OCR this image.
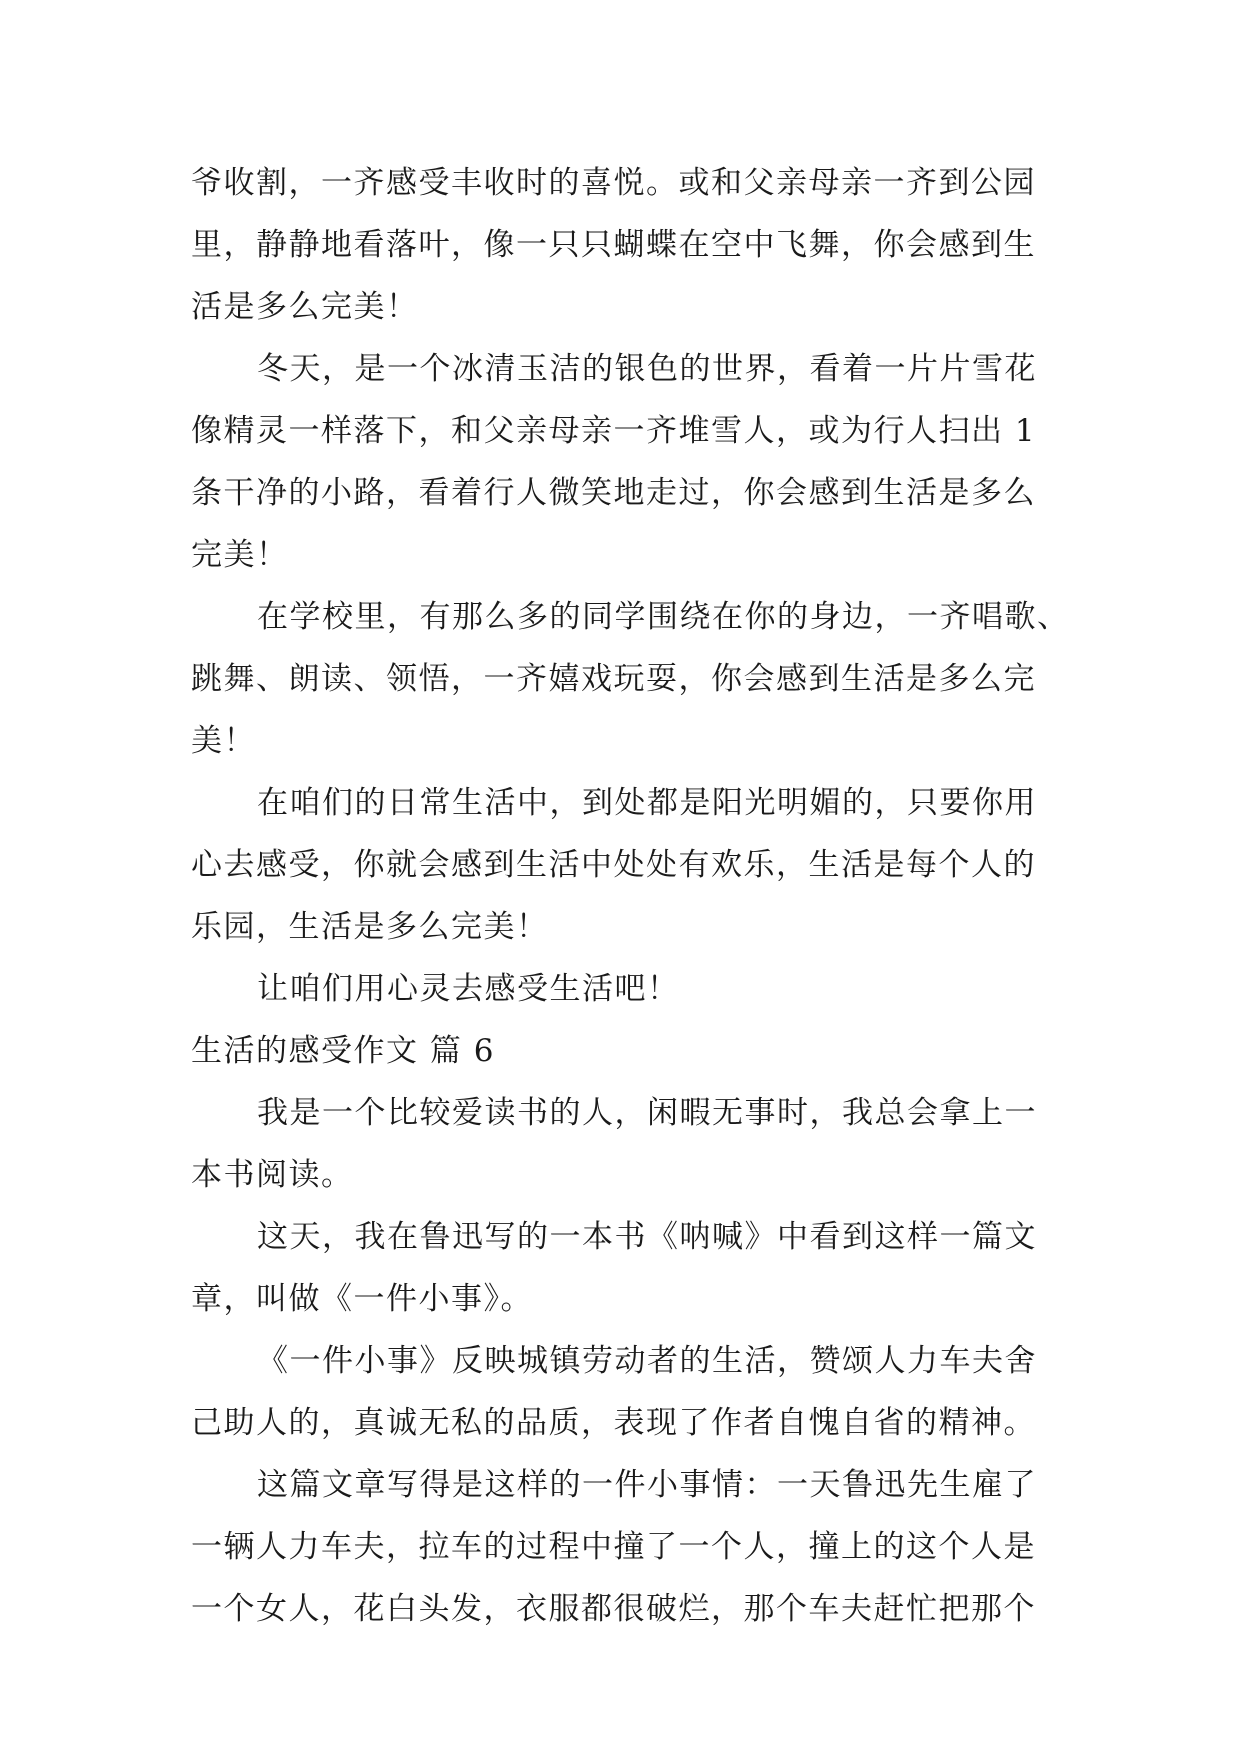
爷收割，一齐感受丰收时的喜悦。或和父亲母亲一齐到公园
里，静静地看落叶，像一只只蝴蝶在空中飞舞，你会感到生
活是多么完美！
冬天，是一个冰清玉洁的银色的世界，看着一片片雪花
像精灵一样落下，和父亲母亲一齐堆雪人，或为行人扫出 1
条干净的小路，看着行人微笑地走过，你会感到生活是多么
完美！
在学校里，有那么多的同学围绕在你的身边，一齐唱歌、
跳舞、朗读、领悟，一齐嬉戏玩耍，你会感到生活是多么完
美！
在咱们的日常生活中，到处都是阳光明媚的，只要你用
心去感受，你就会感到生活中处处有欢乐，生活是每个人的
乐园，生活是多么完美！
让咱们用心灵去感受生活吧！
生活的感受作文 篇 6
我是一个比较爱读书的人，闲暇无事时，我总会拿上一
本书阅读。
这天，我在鲁迅写的一本书《呐喊》中看到这样一篇文
章，叫做《一件小事》。
《一件小事》反映城镇劳动者的生活，赞颂人力车夫舍
己助人的，真诚无私的品质，表现了作者自愧自省的精神。
这篇文章写得是这样的一件小事情：一天鲁迅先生雇了
一辆人力车夫，拉车的过程中撞了一个人，撞上的这个人是
一个女人，花白头发，衣服都很破烂，那个车夫赶忙把那个
